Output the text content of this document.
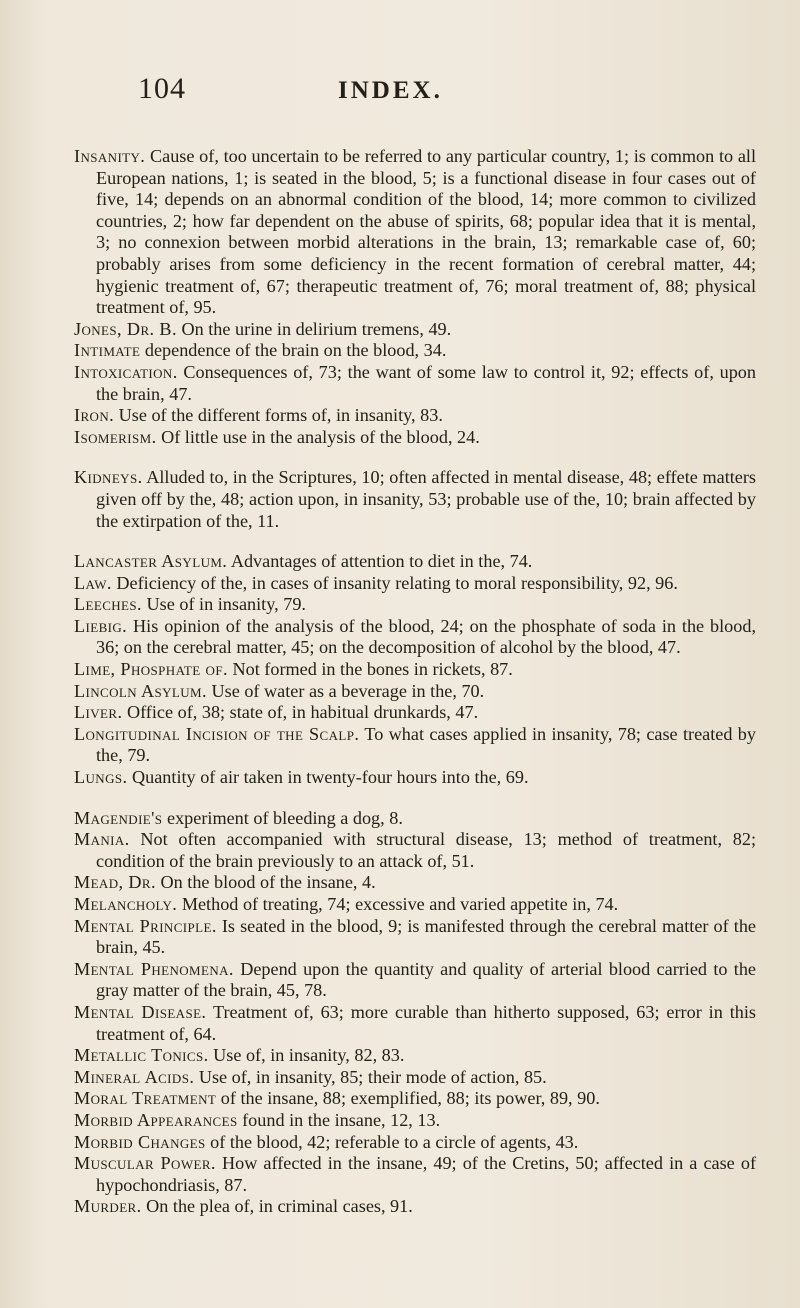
104	INDEX.

Insanity. Cause of, too uncertain to be referred to any particular country, 1; is common to all European nations, 1; is seated in the blood, 5; is a functional disease in four cases out of five, 14; depends on an abnormal condition of the blood, 14; more common to civilized countries, 2; how far dependent on the abuse of spirits, 68; popular idea that it is mental, 3; no connexion between morbid alterations in the brain, 13; remarkable case of, 60; probably arises from some deficiency in the recent formation of cerebral matter, 44; hygienic treatment of, 67; therapeutic treatment of, 76; moral treatment of, 88; physical treatment of, 95.

Jones, Dr. B. On the urine in delirium tremens, 49.

Intimate dependence of the brain on the blood, 34.

Intoxication. Consequences of, 73; the want of some law to control it, 92; effects of, upon the brain, 47.

Iron. Use of the different forms of, in insanity, 83.

Isomerism. Of little use in the analysis of the blood, 24.

Kidneys. Alluded to, in the Scriptures, 10; often affected in mental disease, 48; effete matters given off by the, 48; action upon, in insanity, 53; probable use of the, 10; brain affected by the extirpation of the, 11.

Lancaster Asylum. Advantages of attention to diet in the, 74.

Law. Deficiency of the, in cases of insanity relating to moral responsibility, 92, 96.

Leeches. Use of in insanity, 79.

Liebig. His opinion of the analysis of the blood, 24; on the phosphate of soda in the blood, 36; on the cerebral matter, 45; on the decomposition of alcohol by the blood, 47.

Lime, Phosphate of. Not formed in the bones in rickets, 87.

Lincoln Asylum. Use of water as a beverage in the, 70.

Liver. Office of, 38; state of, in habitual drunkards, 47.

Longitudinal Incision of the Scalp. To what cases applied in insanity, 78; case treated by the, 79.

Lungs. Quantity of air taken in twenty-four hours into the, 69.

Magendie's experiment of bleeding a dog, 8.

Mania. Not often accompanied with structural disease, 13; method of treatment, 82; condition of the brain previously to an attack of, 51.

Mead, Dr. On the blood of the insane, 4.

Melancholy. Method of treating, 74; excessive and varied appetite in, 74.

Mental Principle. Is seated in the blood, 9; is manifested through the cerebral matter of the brain, 45.

Mental Phenomena. Depend upon the quantity and quality of arterial blood carried to the gray matter of the brain, 45, 78.

Mental Disease. Treatment of, 63; more curable than hitherto supposed, 63; error in this treatment of, 64.

Metallic Tonics. Use of, in insanity, 82, 83.

Mineral Acids. Use of, in insanity, 85; their mode of action, 85.

Moral Treatment of the insane, 88; exemplified, 88; its power, 89, 90.

Morbid Appearances found in the insane, 12, 13.

Morbid Changes of the blood, 42; referable to a circle of agents, 43.

Muscular Power. How affected in the insane, 49; of the Cretins, 50; affected in a case of hypochondriasis, 87.

Murder. On the plea of, in criminal cases, 91.
